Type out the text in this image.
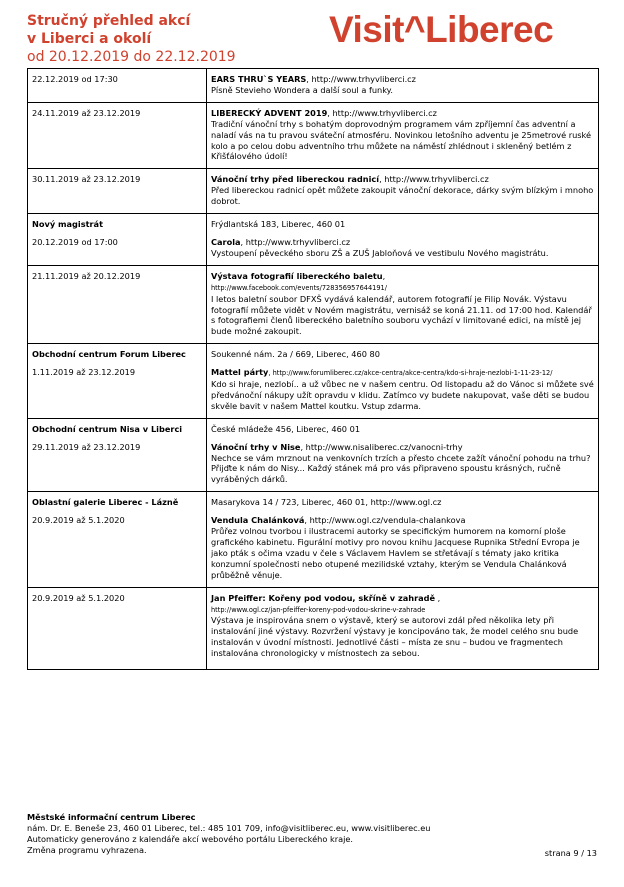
Stručný přehled akcí
v Liberci a okolí
od 20.12.2019 do 22.12.2019
Visit^Liberec
22.12.2019 od 17:30	EARS THRU`S YEARS, http://www.trhyvliberci.cz
Písně Stevieho Wondera a další soul a funky.
24.11.2019 až 23.12.2019	LIBERECKÝ ADVENT 2019, http://www.trhyvliberci.cz
Tradiční vánoční trhy s bohatým doprovodným programem vám zpříjemní čas adventní a naladí vás na tu pravou sváteční atmosféru. Novinkou letošního adventu je 25metrové ruské kolo a po celou dobu adventního trhu můžete na náměstí zhlédnout i skleněný betlém z Křišťálového údolí!
30.11.2019 až 23.12.2019	Vánoční trhy před libereckou radnicí, http://www.trhyvliberci.cz
Před libereckou radnicí opět můžete zakoupit vánoční dekorace, dárky svým blízkým i mnoho dobrot.
Nový magistrát	Frýdlantská 183, Liberec, 460 01
20.12.2019 od 17:00	Carola, http://www.trhyvliberci.cz
Vystoupení pěveckého sboru ZŠ a ZUŠ Jabloňová ve vestibulu Nového magistrátu.
21.11.2019 až 20.12.2019	Výstava fotografií libereckého baletu,
http://www.facebook.com/events/728356957644191/
I letos baletní soubor DFXŠ vydává kalendář, autorem fotografií je Filip Novák. Výstavu fotografií můžete vidět v Novém magistrátu, vernisáž se koná 21.11. od 17:00 hod. Kalendář s fotografiemi členů libereckého baletního souboru vychází v limitované edici, na místě jej bude možné zakoupit.
Obchodní centrum Forum Liberec	Soukenné nám. 2a / 669, Liberec, 460 80
1.11.2019 až 23.12.2019	Mattel párty, http://www.forumliberec.cz/akce-centra/akce-centra/kdo-si-hraje-nezlobi-1-11-23-12/
Kdo si hraje, nezlobí.. a už vůbec ne v našem centru. Od listopadu až do Vánoc si můžete své předvánoční nákupy užít opravdu v klidu. Zatímco vy budete nakupovat, vaše děti se budou skvěle bavit v našem Mattel koutku. Vstup zdarma.
Obchodní centrum Nisa v Liberci	České mládeže 456, Liberec, 460 01
29.11.2019 až 23.12.2019	Vánoční trhy v Nise, http://www.nisaliberec.cz/vanocni-trhy
Nechce se vám mrznout na venkovních trzích a přesto chcete zažít vánoční pohodu na trhu? Přijďte k nám do Nisy... Každý stánek má pro vás připraveno spoustu krásných, ručně vyráběných dárků.
Oblastní galerie Liberec - Lázně	Masarykova 14 / 723, Liberec, 460 01, http://www.ogl.cz
20.9.2019 až 5.1.2020	Vendula Chalánková, http://www.ogl.cz/vendula-chalankova
Průřez volnou tvorbou i ilustracemi autorky se specifickým humorem na komorní ploše grafického kabinetu. Figurální motivy pro novou knihu Jacquese Rupnika Střední Evropa je jako pták s očima vzadu v čele s Václavem Havlem se střetávají s tématy jako kritika konzumní společnosti nebo otupené mezilidské vztahy, kterým se Vendula Chalánková průběžně věnuje.
20.9.2019 až 5.1.2020	Jan Pfeiffer: Kořeny pod vodou, skříně v zahradě ,
http://www.ogl.cz/jan-pfeiffer-koreny-pod-vodou-skrine-v-zahrade
Výstava je inspirována snem o výstavě, který se autorovi zdál před několika lety při instalování jiné výstavy. Rozvržení výstavy je koncipováno tak, že model celého snu bude instalován v úvodní místnosti. Jednotlivé části – místa ze snu – budou ve fragmentech instalována chronologicky v místnostech za sebou.
Městské informační centrum Liberec
nám. Dr. E. Beneše 23, 460 01 Liberec, tel.: 485 101 709, info@visitliberec.eu, www.visitliberec.eu
Automaticky generováno z kalendáře akcí webového portálu Libereckého kraje.
Změna programu vyhrazena.	strana 9 / 13
